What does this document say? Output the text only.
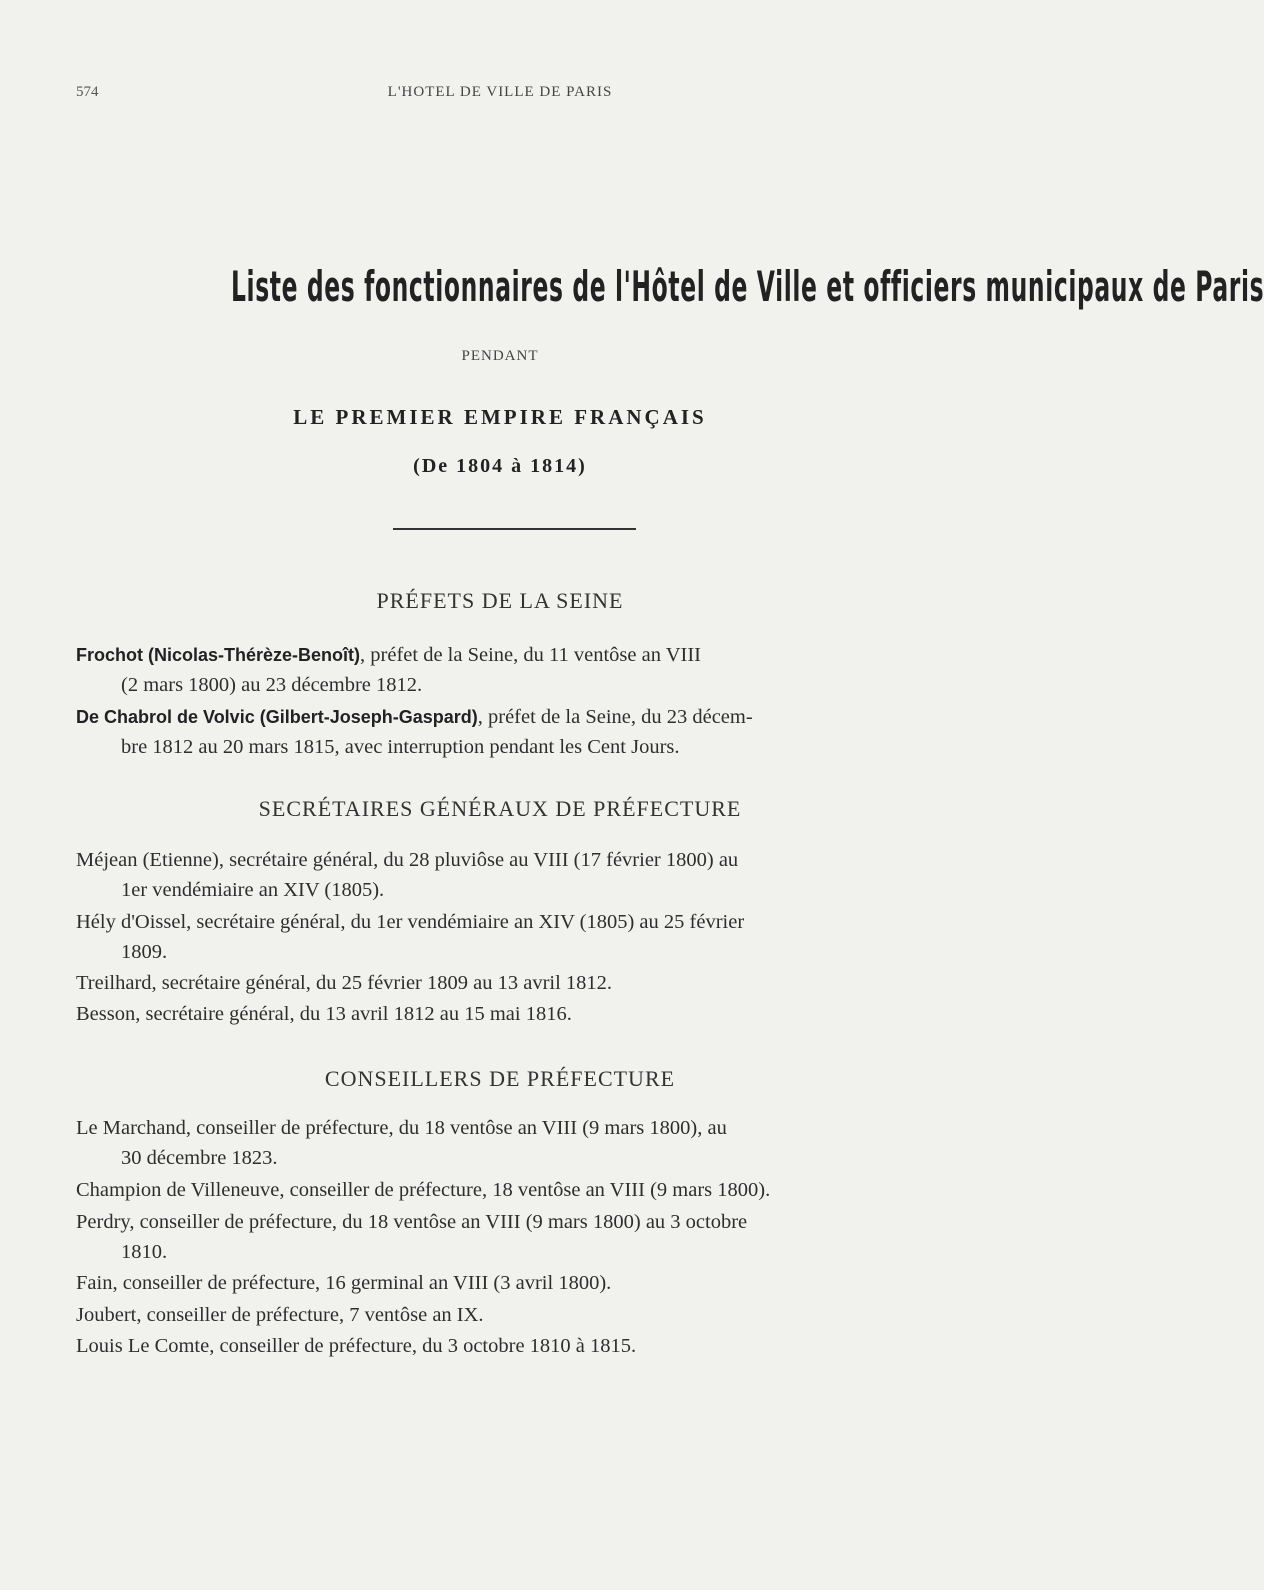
574	L'HOTEL DE VILLE DE PARIS
Liste des fonctionnaires de l'Hôtel de Ville et officiers municipaux de Paris
PENDANT
LE PREMIER EMPIRE FRANÇAIS
(De 1804 à 1814)
PRÉFETS DE LA SEINE
Frochot (Nicolas-Thérèze-Benoît), préfet de la Seine, du 11 ventôse an VIII
(2 mars 1800) au 23 décembre 1812.
De Chabrol de Volvic (Gilbert-Joseph-Gaspard), préfet de la Seine, du 23 décem-
bre 1812 au 20 mars 1815, avec interruption pendant les Cent Jours.
SECRÉTAIRES GÉNÉRAUX DE PRÉFECTURE
Méjean (Etienne), secrétaire général, du 28 pluviôse au VIII (17 février 1800) au
1er vendémiaire an XIV (1805).
Hély d'Oissel, secrétaire général, du 1er vendémiaire an XIV (1805) au 25 février
1809.
Treilhard, secrétaire général, du 25 février 1809 au 13 avril 1812.
Besson, secrétaire général, du 13 avril 1812 au 15 mai 1816.
CONSEILLERS DE PRÉFECTURE
Le Marchand, conseiller de préfecture, du 18 ventôse an VIII (9 mars 1800), au
30 décembre 1823.
Champion de Villeneuve, conseiller de préfecture, 18 ventôse an VIII (9 mars 1800).
Perdry, conseiller de préfecture, du 18 ventôse an VIII (9 mars 1800) au 3 octobre
1810.
Fain, conseiller de préfecture, 16 germinal an VIII (3 avril 1800).
Joubert, conseiller de préfecture, 7 ventôse an IX.
Louis Le Comte, conseiller de préfecture, du 3 octobre 1810 à 1815.
